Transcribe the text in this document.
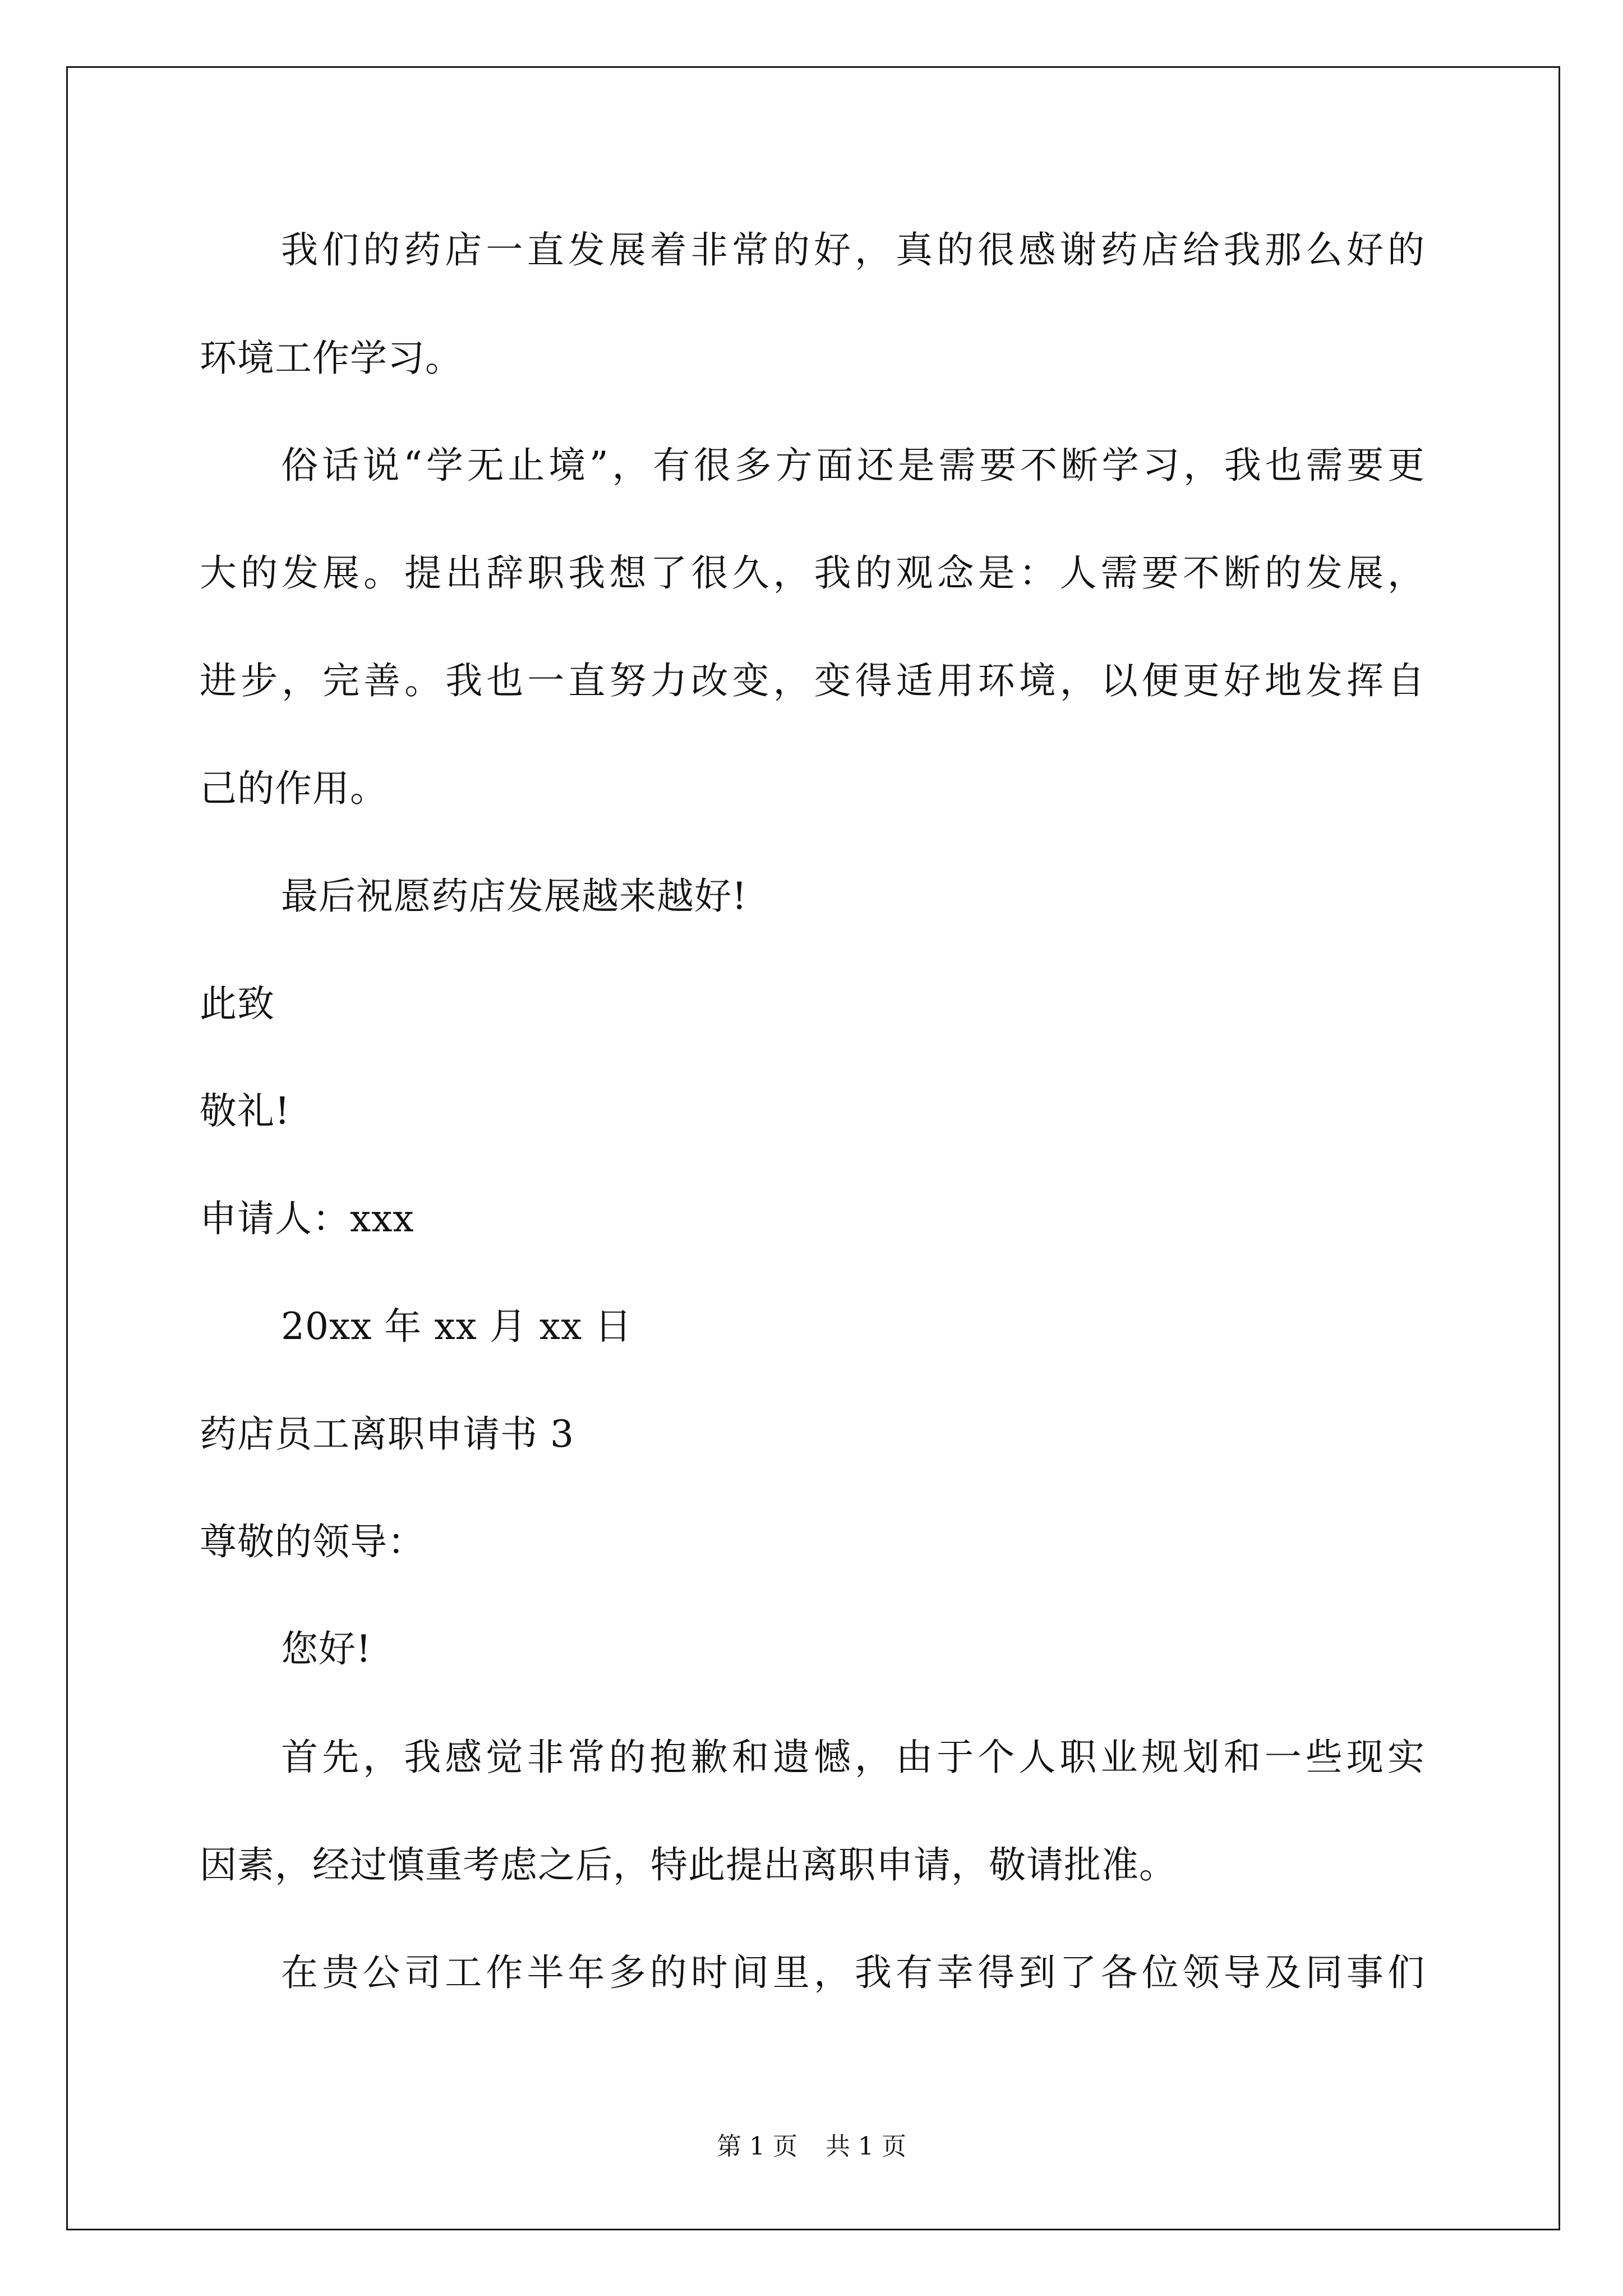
我们的药店一直发展着非常的好，真的很感谢药店给我那么好的
环境工作学习。
俗话说“学无止境”，有很多方面还是需要不断学习，我也需要更
大的发展。提出辞职我想了很久，我的观念是：人需要不断的发展，
进步，完善。我也一直努力改变，变得适用环境，以便更好地发挥自
己的作用。
最后祝愿药店发展越来越好!
此致
敬礼!
申请人：xxx
20xx 年 xx 月 xx 日
药店员工离职申请书 3
尊敬的领导：
您好!
首先，我感觉非常的抱歉和遗憾，由于个人职业规划和一些现实
因素，经过慎重考虑之后，特此提出离职申请，敬请批准。
在贵公司工作半年多的时间里，我有幸得到了各位领导及同事们
第 1 页 共 1 页
